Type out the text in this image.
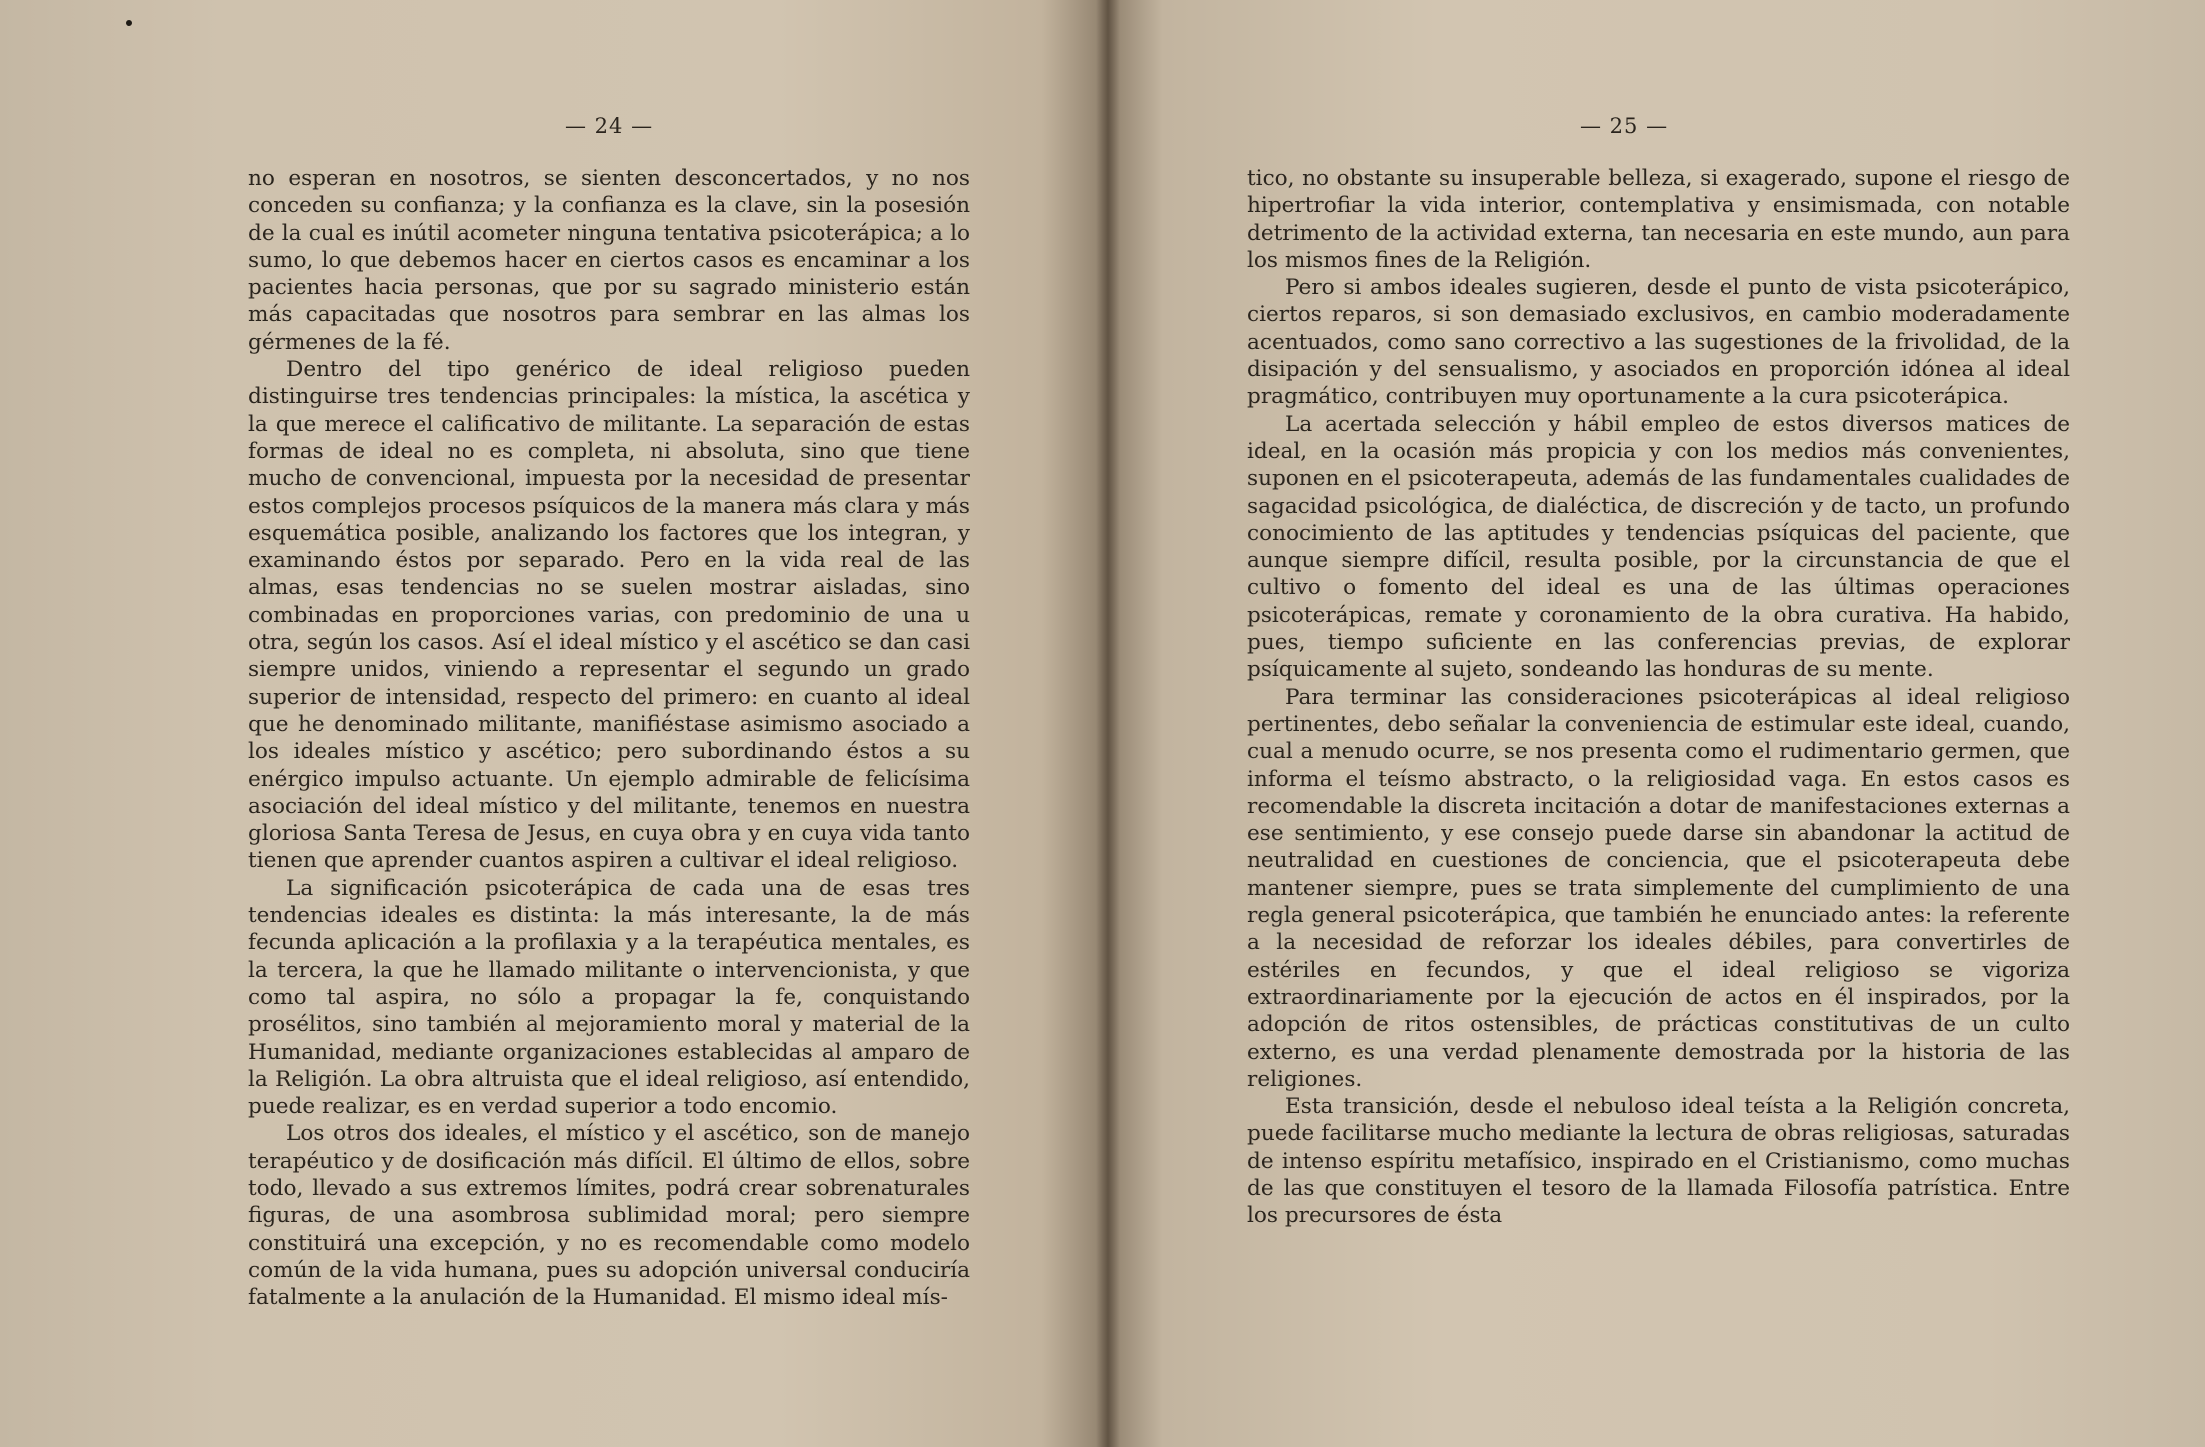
— 24 —

no esperan en nosotros, se sienten desconcertados, y no nos conceden su confianza; y la confianza es la clave, sin la posesión de la cual es inútil acometer ninguna tentativa psicoterápica; a lo sumo, lo que debemos hacer en ciertos casos es encaminar a los pacientes hacia personas, que por su sagrado ministerio están más capacitadas que nosotros para sembrar en las almas los gérmenes de la fé.

Dentro del tipo genérico de ideal religioso pueden distinguirse tres tendencias principales: la mística, la ascética y la que merece el calificativo de militante. La separación de estas formas de ideal no es completa, ni absoluta, sino que tiene mucho de convencional, impuesta por la necesidad de presentar estos complejos procesos psíquicos de la manera más clara y más esquemática posible, analizando los factores que los integran, y examinando éstos por separado. Pero en la vida real de las almas, esas tendencias no se suelen mostrar aisladas, sino combinadas en proporciones varias, con predominio de una u otra, según los casos. Así el ideal místico y el ascético se dan casi siempre unidos, viniendo a representar el segundo un grado superior de intensidad, respecto del primero: en cuanto al ideal que he denominado militante, manifiéstase asimismo asociado a los ideales místico y ascético; pero subordinando éstos a su enérgico impulso actuante. Un ejemplo admirable de felicísima asociación del ideal místico y del militante, tenemos en nuestra gloriosa Santa Teresa de Jesus, en cuya obra y en cuya vida tanto tienen que aprender cuantos aspiren a cultivar el ideal religioso.

La significación psicoterápica de cada una de esas tres tendencias ideales es distinta: la más interesante, la de más fecunda aplicación a la profilaxia y a la terapéutica mentales, es la tercera, la que he llamado militante o intervencionista, y que como tal aspira, no sólo a propagar la fe, conquistando prosélitos, sino también al mejoramiento moral y material de la Humanidad, mediante organizaciones establecidas al amparo de la Religión. La obra altruista que el ideal religioso, así entendido, puede realizar, es en verdad superior a todo encomio.

Los otros dos ideales, el místico y el ascético, son de manejo terapéutico y de dosificación más difícil. El último de ellos, sobre todo, llevado a sus extremos límites, podrá crear sobrenaturales figuras, de una asombrosa sublimidad moral; pero siempre constituirá una excepción, y no es recomendable como modelo común de la vida humana, pues su adopción universal conduciría fatalmente a la anulación de la Humanidad. El mismo ideal mís-

— 25 —

tico, no obstante su insuperable belleza, si exagerado, supone el riesgo de hipertrofiar la vida interior, contemplativa y ensimismada, con notable detrimento de la actividad externa, tan necesaria en este mundo, aun para los mismos fines de la Religión.

Pero si ambos ideales sugieren, desde el punto de vista psicoterápico, ciertos reparos, si son demasiado exclusivos, en cambio moderadamente acentuados, como sano correctivo a las sugestiones de la frivolidad, de la disipación y del sensualismo, y asociados en proporción idónea al ideal pragmático, contribuyen muy oportunamente a la cura psicoterápica.

La acertada selección y hábil empleo de estos diversos matices de ideal, en la ocasión más propicia y con los medios más convenientes, suponen en el psicoterapeuta, además de las fundamentales cualidades de sagacidad psicológica, de dialéctica, de discreción y de tacto, un profundo conocimiento de las aptitudes y tendencias psíquicas del paciente, que aunque siempre difícil, resulta posible, por la circunstancia de que el cultivo o fomento del ideal es una de las últimas operaciones psicoterápicas, remate y coronamiento de la obra curativa. Ha habido, pues, tiempo suficiente en las conferencias previas, de explorar psíquicamente al sujeto, sondeando las honduras de su mente.

Para terminar las consideraciones psicoterápicas al ideal religioso pertinentes, debo señalar la conveniencia de estimular este ideal, cuando, cual a menudo ocurre, se nos presenta como el rudimentario germen, que informa el teísmo abstracto, o la religiosidad vaga. En estos casos es recomendable la discreta incitación a dotar de manifestaciones externas a ese sentimiento, y ese consejo puede darse sin abandonar la actitud de neutralidad en cuestiones de conciencia, que el psicoterapeuta debe mantener siempre, pues se trata simplemente del cumplimiento de una regla general psicoterápica, que también he enunciado antes: la referente a la necesidad de reforzar los ideales débiles, para convertirles de estériles en fecundos, y que el ideal religioso se vigoriza extraordinariamente por la ejecución de actos en él inspirados, por la adopción de ritos ostensibles, de prácticas constitutivas de un culto externo, es una verdad plenamente demostrada por la historia de las religiones.

Esta transición, desde el nebuloso ideal teísta a la Religión concreta, puede facilitarse mucho mediante la lectura de obras religiosas, saturadas de intenso espíritu metafísico, inspirado en el Cristianismo, como muchas de las que constituyen el tesoro de la llamada Filosofía patrística. Entre los precursores de ésta
